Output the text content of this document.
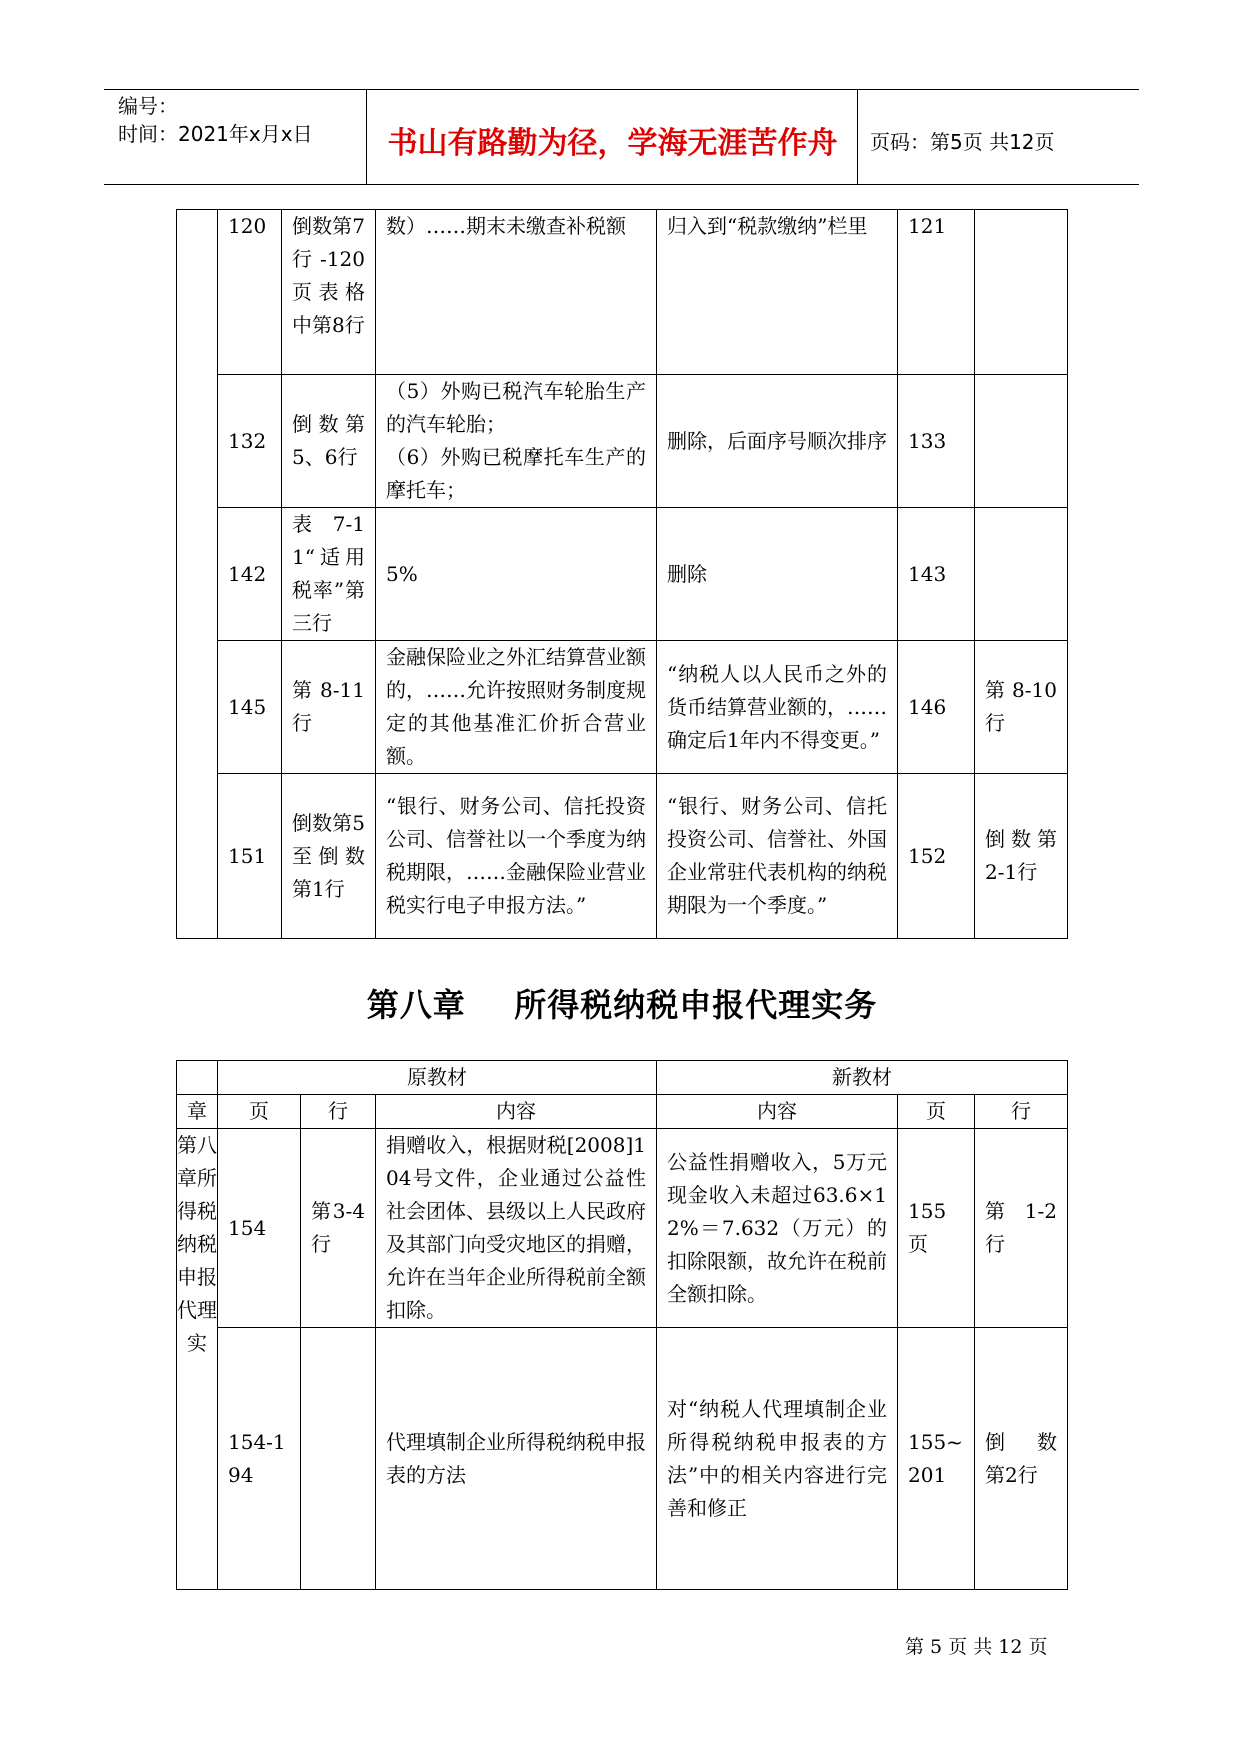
编号：
时间：2021年x月x日	书山有路勤为径，学海无涯苦作舟	页码：第5页 共12页
	120	倒数第7行-120页表格中第8行	数）……期末未缴查补税额	归入到“税款缴纳”栏里	121	
	132	倒数第5、6行	（5）外购已税汽车轮胎生产的汽车轮胎；
（6）外购已税摩托车生产的摩托车；	删除，后面序号顺次排序	133	
	142	表7-11“适用税率”第三行	5%	删除	143	
	145	第8-11行	金融保险业之外汇结算营业额的，……允许按照财务制度规定的其他基准汇价折合营业额。	“纳税人以人民币之外的货币结算营业额的，……确定后1年内不得变更。”	146	第8-10行
	151	倒数第5至倒数第1行	“银行、财务公司、信托投资公司、信誉社以一个季度为纳税期限，……金融保险业营业税实行电子申报方法。”	“银行、财务公司、信托投资公司、信誉社、外国企业常驻代表机构的纳税期限为一个季度。”	152	倒数第2-1行
第八章    所得税纳税申报代理实务
	原教材			新教材		
章	页	行	内容	内容	页	行
第八章所得税纳税申报代理实	154	第3-4行	捐赠收入，根据财税[2008]104号文件，企业通过公益性社会团体、县级以上人民政府及其部门向受灾地区的捐赠，允许在当年企业所得税前全额扣除。	公益性捐赠收入，5万元现金收入未超过63.6×12%＝7.632（万元）的扣除限额，故允许在税前全额扣除。	155页	第 1-2行
	154-194		代理填制企业所得税纳税申报表的方法	对“纳税人代理填制企业所得税纳税申报表的方法”中的相关内容进行完善和修正	155~201	倒  数第2行
第 5 页 共 12 页
